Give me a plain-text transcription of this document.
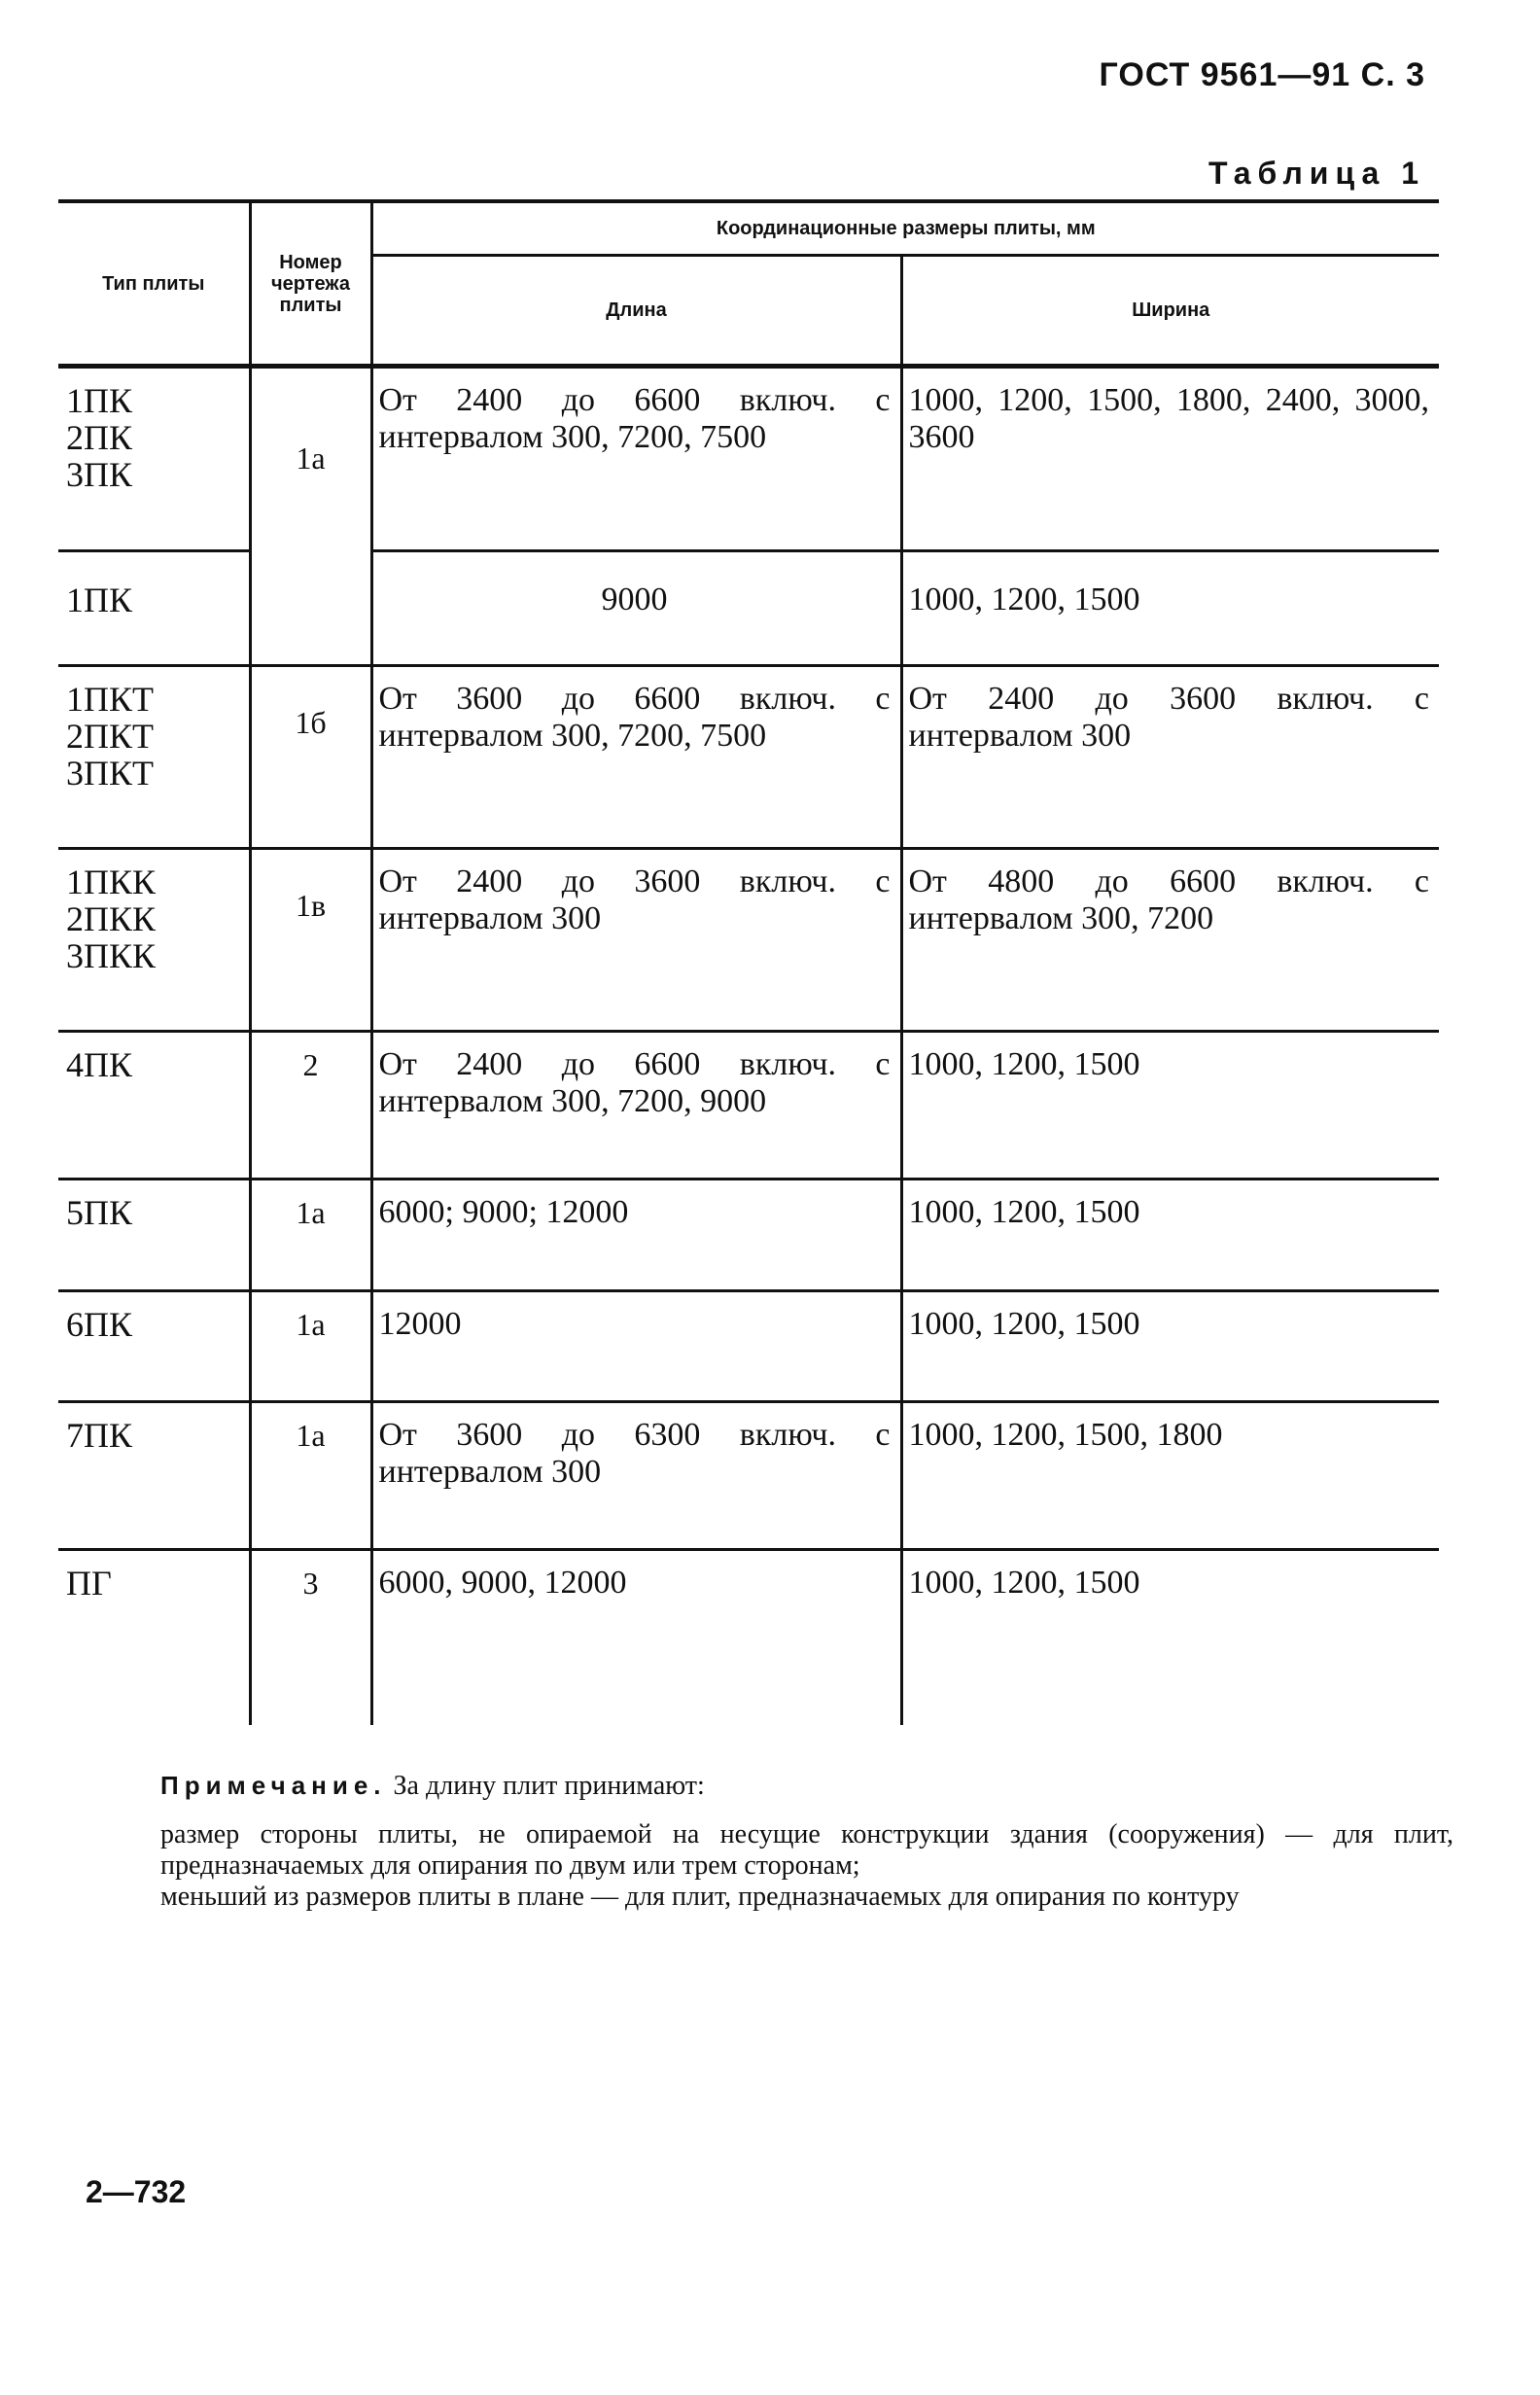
ГОСТ 9561—91 С. 3
Таблица 1
Тип плиты	Номер чертежа плиты	Координационные размеры плиты, мм	
		Длина	Ширина
1ПК
2ПК
3ПК	1а	От 2400 до 6600 включ. с интервалом 300, 7200, 7500	1000, 1200, 1500, 1800, 2400, 3000, 3600
1ПК		9000	1000, 1200, 1500
1ПКТ
2ПКТ
3ПКТ	1б	От 3600 до 6600 включ. с интервалом 300, 7200, 7500	От 2400 до 3600 включ. с интервалом 300
1ПКК
2ПКК
3ПКК	1в	От 2400 до 3600 включ. с интервалом 300	От 4800 до 6600 включ. с интервалом 300, 7200
4ПК	2	От 2400 до 6600 включ. с интервалом 300, 7200, 9000	1000, 1200, 1500
5ПК	1а	6000; 9000; 12000	1000, 1200, 1500
6ПК	1а	12000	1000, 1200, 1500
7ПК	1а	От 3600 до 6300 включ. с интервалом 300	1000, 1200, 1500, 1800
ПГ	3	6000, 9000, 12000	1000, 1200, 1500

Примечание. За длину плит принимают:

размер стороны плиты, не опираемой на несущие конструкции здания (сооружения) — для плит, предназначаемых для опирания по двум или трем сторонам;

меньший из размеров плиты в плане — для плит, предназначаемых для опирания по контуру

2—732
